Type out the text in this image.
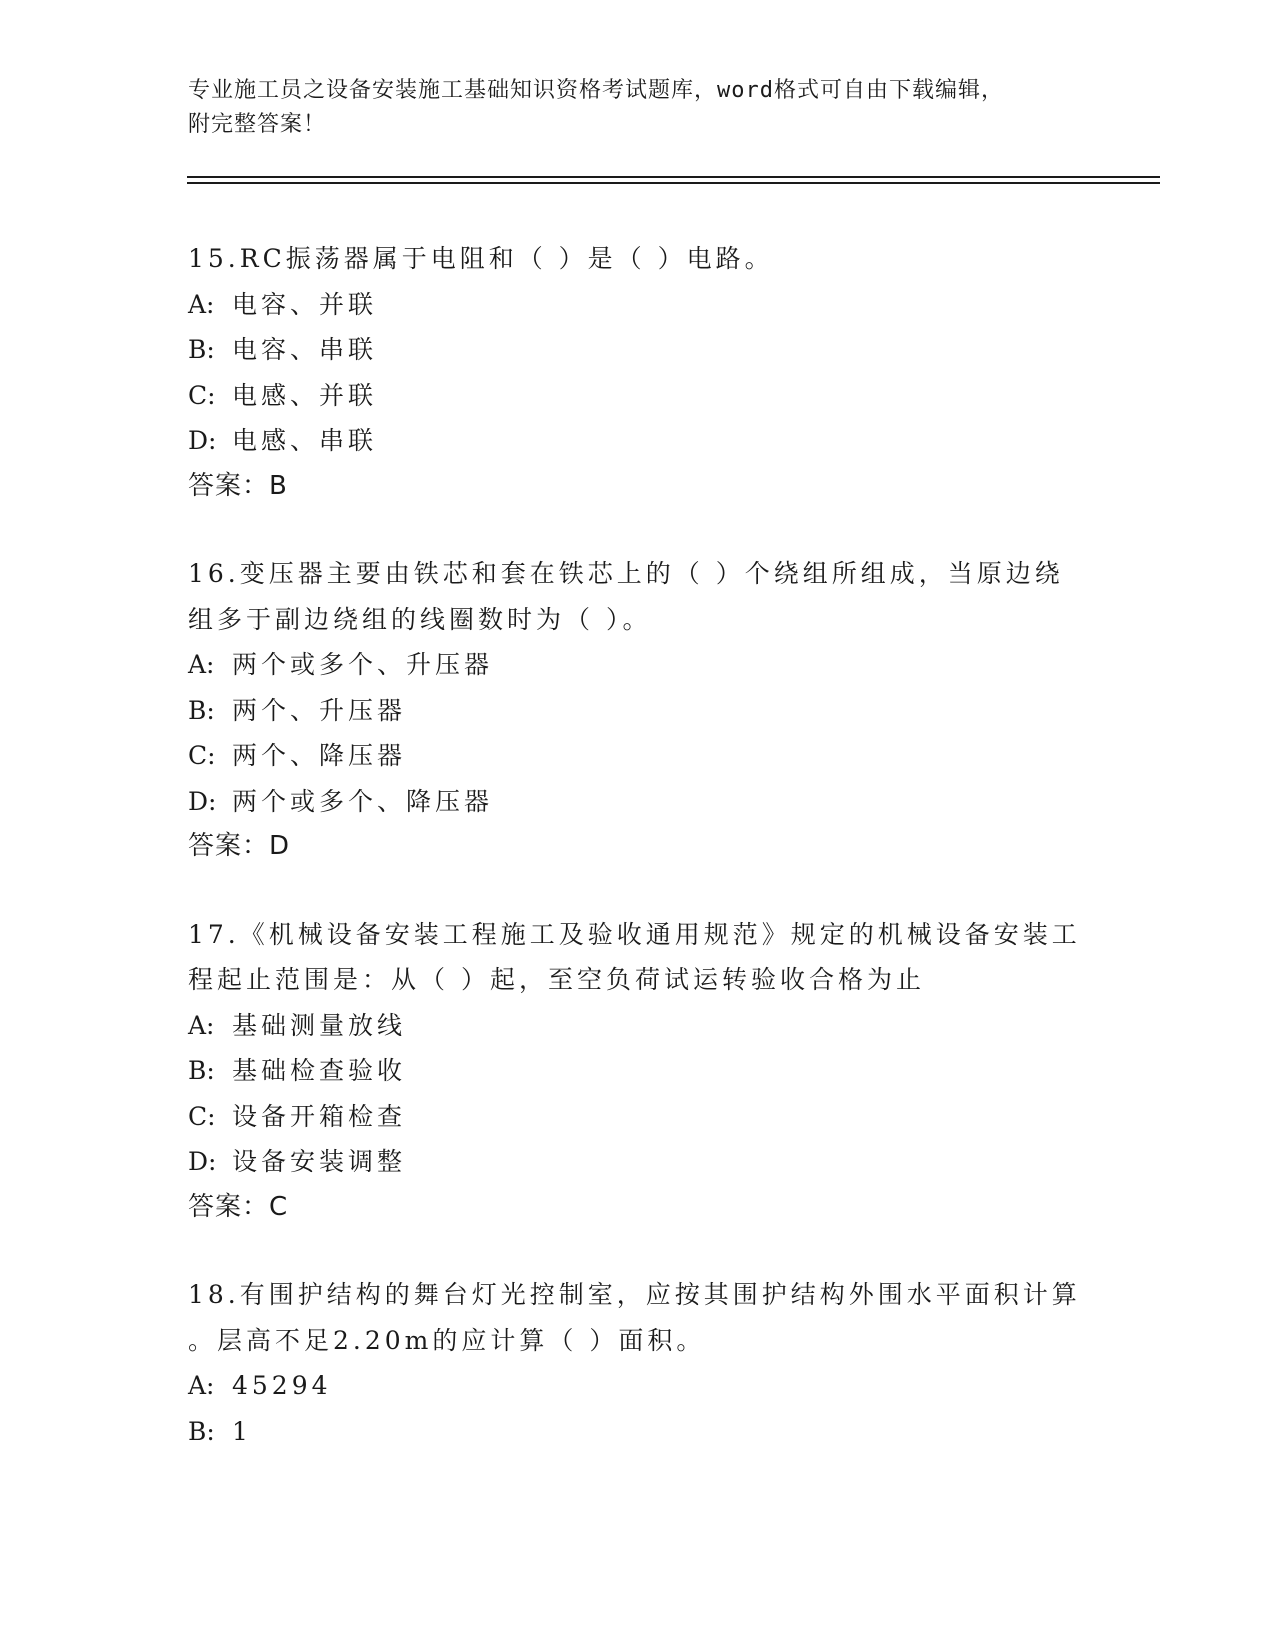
专业施工员之设备安装施工基础知识资格考试题库，word格式可自由下载编辑，
附完整答案！
15.RC振荡器属于电阻和（ ）是（ ）电路。
A: 电容、并联
B: 电容、串联
C: 电感、并联
D: 电感、串联
答案：B
16.变压器主要由铁芯和套在铁芯上的（ ）个绕组所组成，当原边绕
组多于副边绕组的线圈数时为（ ）。
A: 两个或多个、升压器
B: 两个、升压器
C: 两个、降压器
D: 两个或多个、降压器
答案：D
17.《机械设备安装工程施工及验收通用规范》规定的机械设备安装工
程起止范围是：从（ ）起，至空负荷试运转验收合格为止
A: 基础测量放线
B: 基础检查验收
C: 设备开箱检查
D: 设备安装调整
答案：C
18.有围护结构的舞台灯光控制室，应按其围护结构外围水平面积计算
。层高不足2.20m的应计算（ ）面积。
A: 45294
B: 1
